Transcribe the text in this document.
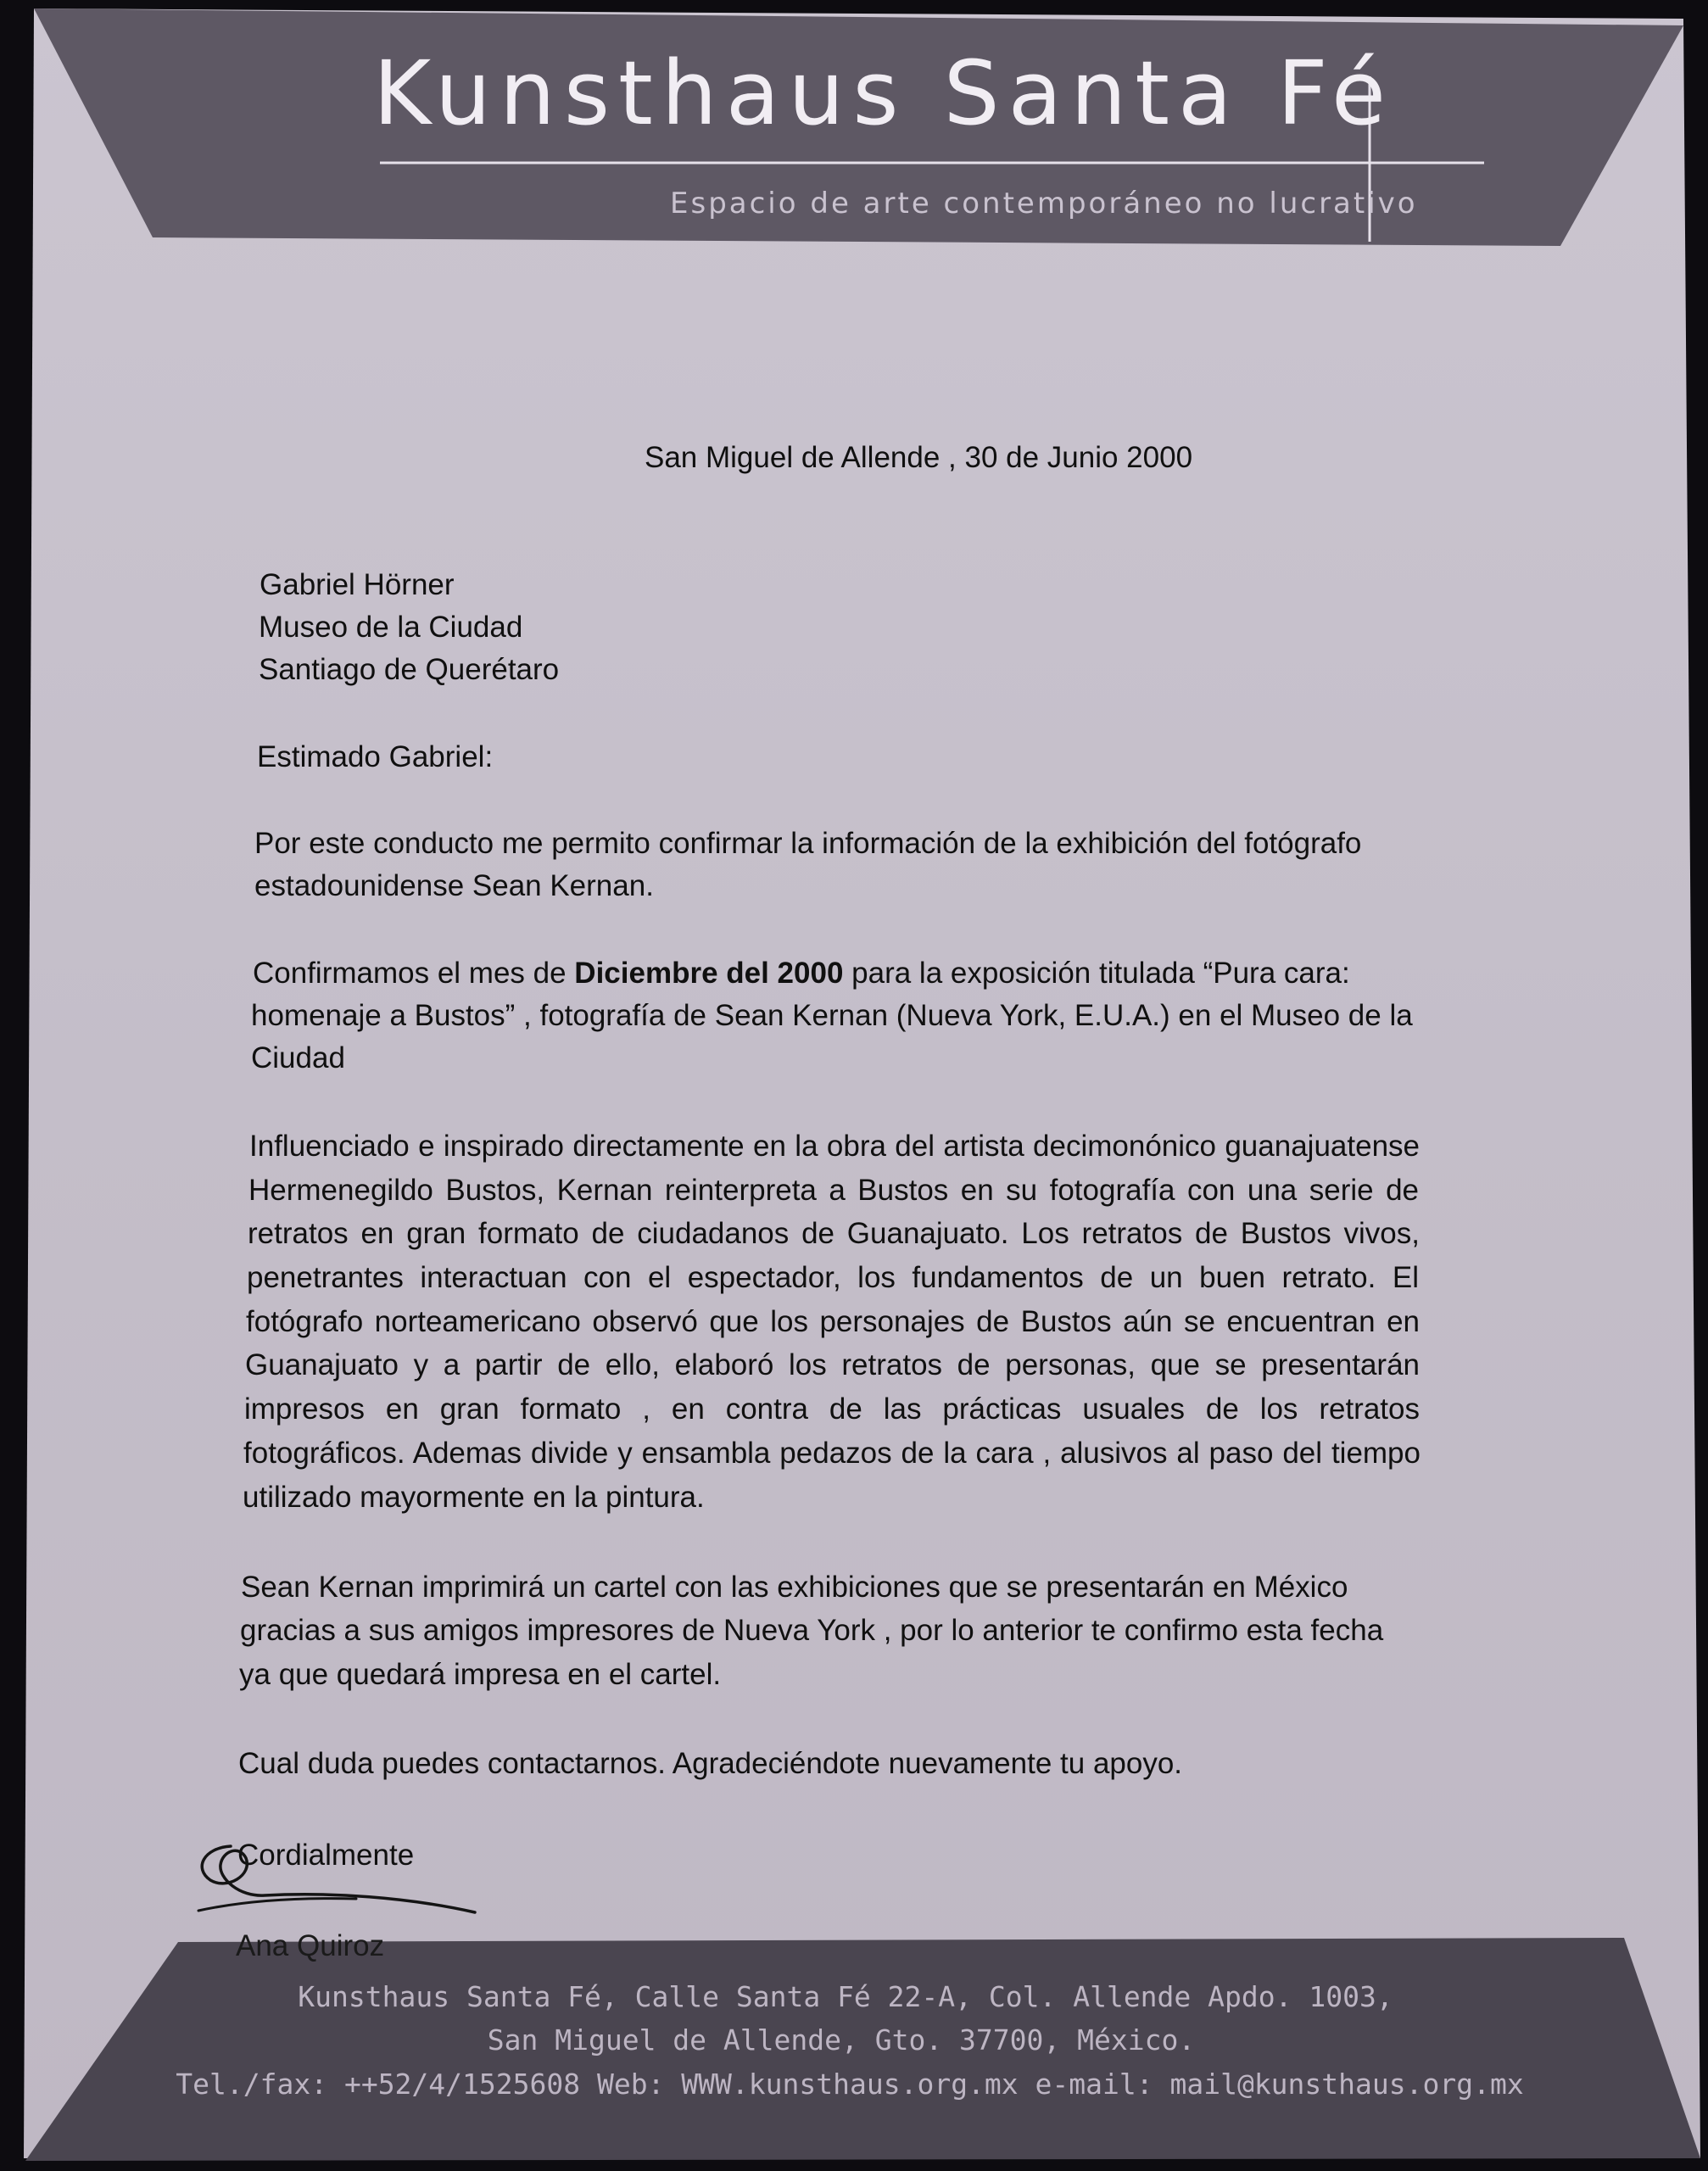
Kunsthaus Santa Fé
Espacio de arte contemporáneo no lucrativo
San Miguel de Allende , 30 de Junio 2000
Gabriel Hörner
Museo de la Ciudad
Santiago de Querétaro
Estimado Gabriel:
Por este conducto me permito confirmar la información de la exhibición del fotógrafo
estadounidense Sean Kernan.
Confirmamos el mes de Diciembre del 2000 para la exposición titulada “Pura cara:
homenaje a Bustos” , fotografía de Sean Kernan (Nueva York, E.U.A.) en el Museo de la
Ciudad
Influenciado e inspirado directamente en la obra del artista decimonónico guanajuatense
Hermenegildo Bustos, Kernan reinterpreta a Bustos en su fotografía con una serie de
retratos en gran formato de ciudadanos de Guanajuato. Los retratos de Bustos vivos,
penetrantes interactuan con el espectador, los fundamentos de un buen retrato. El
fotógrafo norteamericano observó que los personajes de Bustos aún se encuentran en
Guanajuato y a partir de ello, elaboró los retratos de personas, que se presentarán
impresos en gran formato , en contra de las prácticas usuales de los retratos
fotográficos. Ademas divide y ensambla pedazos de la cara , alusivos al paso del tiempo
utilizado mayormente en la pintura.
Sean Kernan imprimirá un cartel con las exhibiciones que se presentarán en México
gracias a sus amigos impresores de Nueva York , por lo anterior te confirmo esta fecha
ya que quedará impresa en el cartel.
Cual duda puedes contactarnos. Agradeciéndote nuevamente tu apoyo.
Cordialmente
Ana Quiroz
Kunsthaus Santa Fé, Calle Santa Fé 22-A, Col. Allende Apdo. 1003,
San Miguel de Allende, Gto. 37700, México.
Tel./fax: ++52/4/1525608 Web: WWW.kunsthaus.org.mx e-mail: mail@kunsthaus.org.mx
